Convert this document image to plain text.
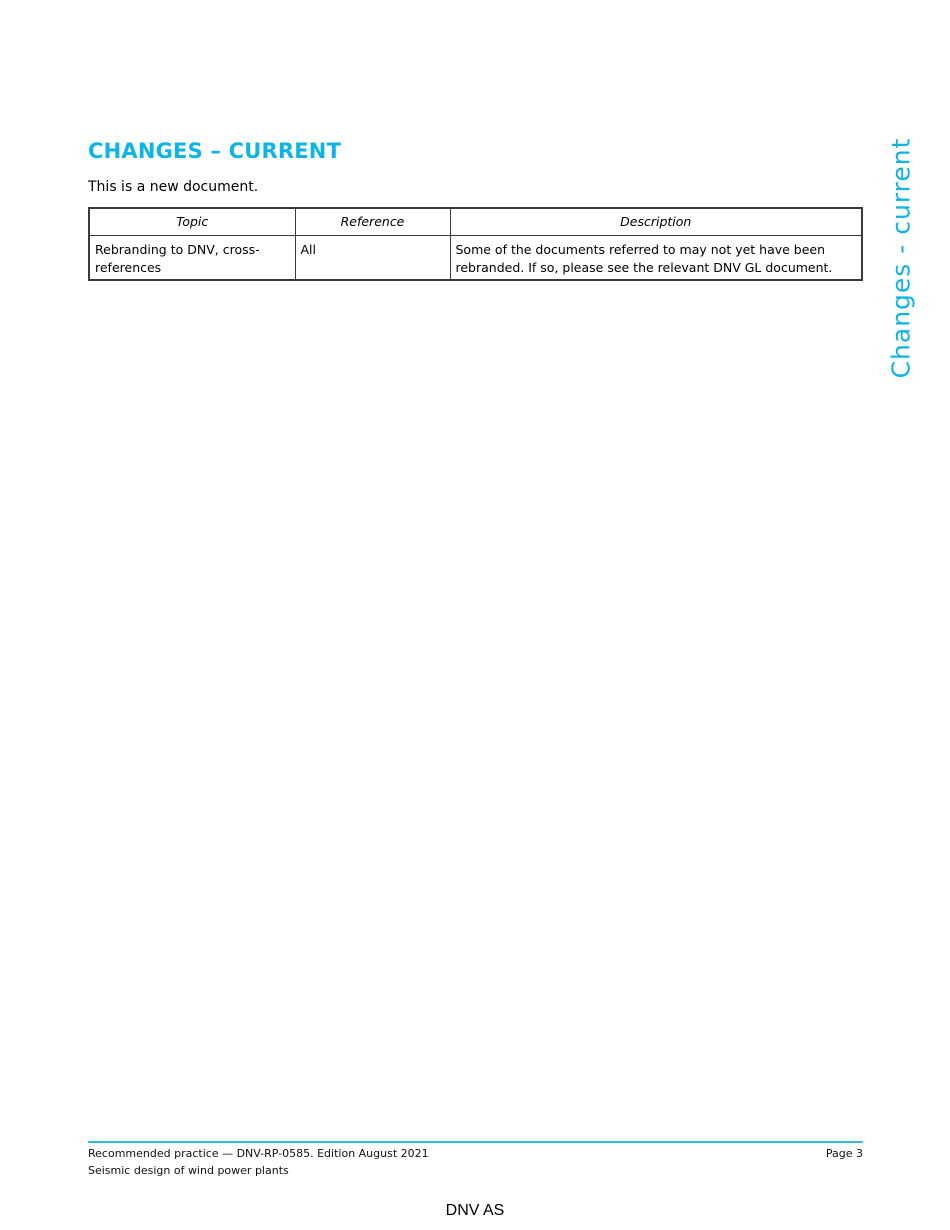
CHANGES – CURRENT

This is a new document.

Topic	Reference	Description
Rebranding to DNV, cross-references	All	Some of the documents referred to may not yet have been rebranded. If so, please see the relevant DNV GL document. Changes - current
Recommended practice — DNV-RP-0585. Edition August 2021
Seismic design of wind power plants
Page 3
DNV AS
